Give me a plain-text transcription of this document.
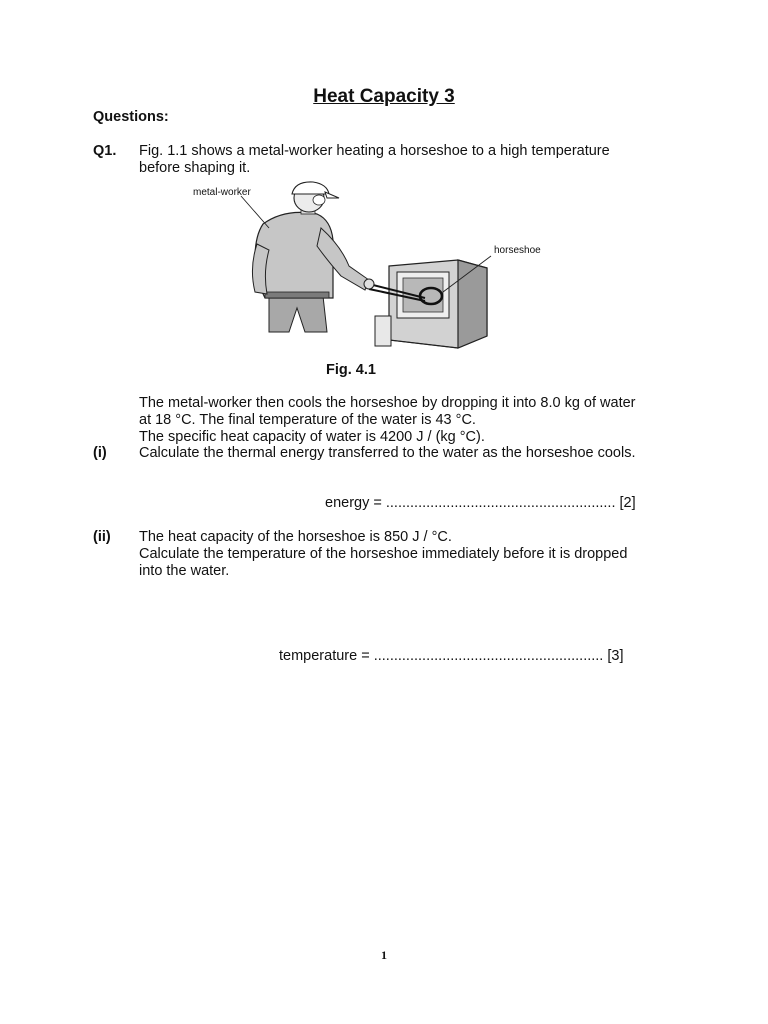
Heat Capacity 3
Questions:
Q1. Fig. 1.1 shows a metal-worker heating a horseshoe to a high temperature
before shaping it.
metal-worker
horseshoe
Fig. 4.1
The metal-worker then cools the horseshoe by dropping it into 8.0 kg of water
at 18 °C. The final temperature of the water is 43 °C.
The specific heat capacity of water is 4200 J / (kg °C).
(i) Calculate the thermal energy transferred to the water as the horseshoe cools.
energy = ......................................................... [2]
(ii) The heat capacity of the horseshoe is 850 J / °C.
Calculate the temperature of the horseshoe immediately before it is dropped
into the water.
temperature = ......................................................... [3]
1
